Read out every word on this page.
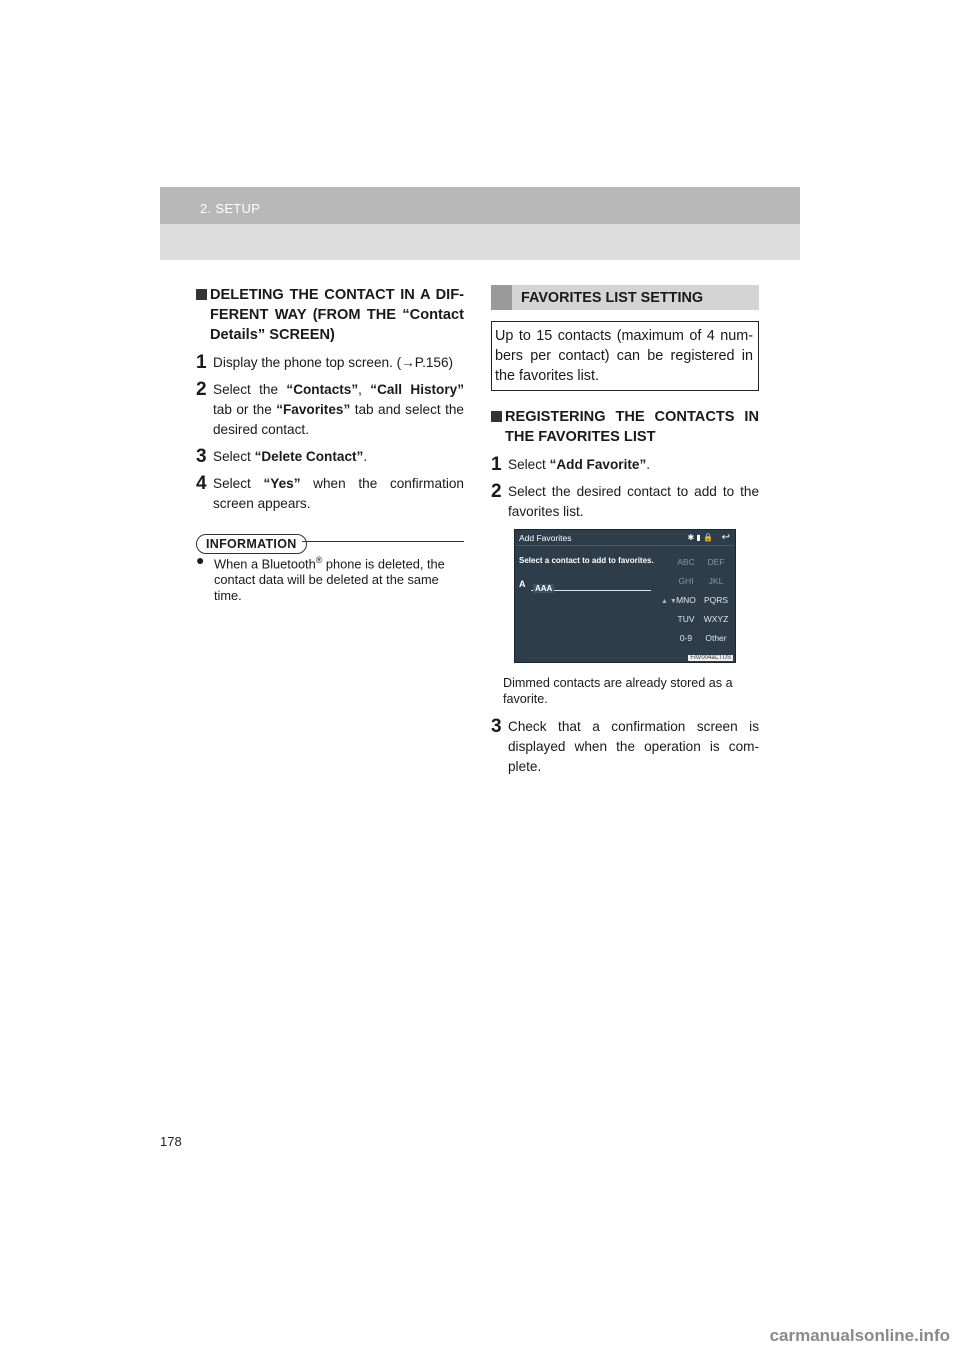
2. SETUP
DELETING THE CONTACT IN A DIF-FERENT WAY (FROM THE “Contact Details” SCREEN)
1 Display the phone top screen. (→P.156)
2 Select the “Contacts”, “Call History” tab or the “Favorites” tab and select the desired contact.
3 Select “Delete Contact”.
4 Select “Yes” when the confirmation screen appears.
INFORMATION
● When a Bluetooth® phone is deleted, the contact data will be deleted at the same time.
FAVORITES LIST SETTING
Up to 15 contacts (maximum of 4 num-bers per contact) can be registered in the favorites list.
REGISTERING THE CONTACTS IN THE FAVORITES LIST
1 Select “Add Favorite”.
2 Select the desired contact to add to the favorites list.
Add Favorites	✱ ▮ 🔒 ↩
Select a contact to add to favorites.
A	AAA
▲ ▼
ABC DEFGHI JKLMNO PQRSTUV WXYZ0-9 Other
FAV004aCTUS
Dimmed contacts are already stored as a favorite.
3 Check that a confirmation screen is displayed when the operation is com-plete.
178
carmanualsonline.info
